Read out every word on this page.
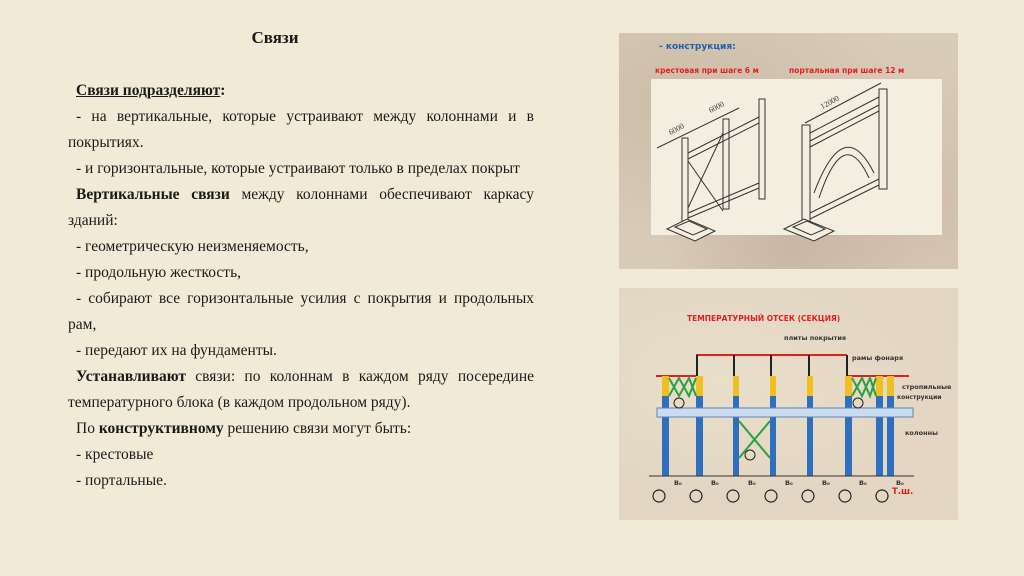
Связи

Связи подразделяют:

- на вертикальные, которые устраивают между колоннами и в покрытиях.

- и горизонтальные, которые устраивают только в пределах покрыт

Вертикальные связи между колоннами обеспечивают каркасу зданий:

- геометрическую неизменяемость,

- продольную жесткость,

- собирают все горизонтальные усилия с покрытия и продольных рам,

- передают их на фундаменты.

Устанавливают связи: по колоннам в каждом ряду посередине температурного блока (в каждом продольном ряду).

По конструктивному решению связи могут быть:

- крестовые

- портальные.

- конструкция:
крестовая при шаге 6 м	портальная при шаге 12 м
6000
6000	12000
ТЕМПЕРАТУРНЫЙ ОТСЕК (СЕКЦИЯ)
плиты покрытия
рамы фонаря
стропильные
конструкции
колонны
B₀	B₀	B₀	B₀	B₀	B₀	B₀
Т.ш.
